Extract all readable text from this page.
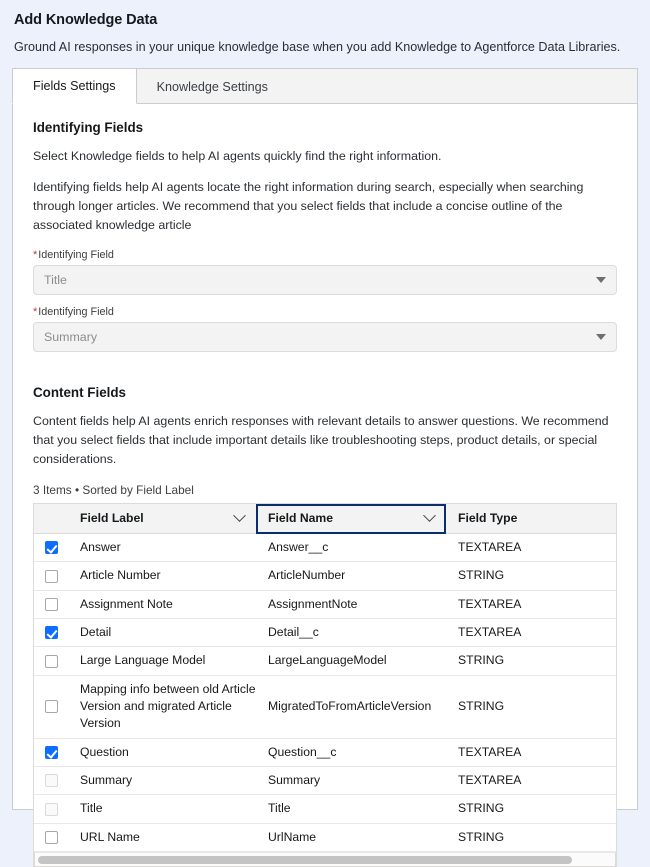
Add Knowledge Data
Ground AI responses in your unique knowledge base when you add Knowledge to Agentforce Data Libraries.
Fields Settings	Knowledge Settings
Identifying Fields

Select Knowledge fields to help AI agents quickly find the right information.

Identifying fields help AI agents locate the right information during search, especially when searching through longer articles. We recommend that you select fields that include a concise outline of the associated knowledge article

*Identifying Field
Title
*Identifying Field
Summary
Content Fields

Content fields help AI agents enrich responses with relevant details to answer questions. We recommend that you select fields that include important details like troubleshooting steps, product details, or special considerations.

3 Items • Sorted by Field Label
	Field Label	Field Name	Field Type
	Answer	Answer__c	TEXTAREA
	Article Number	ArticleNumber	STRING
	Assignment Note	AssignmentNote	TEXTAREA
	Detail	Detail__c	TEXTAREA
	Large Language Model	LargeLanguageModel	STRING
	Mapping info between old Article Version and migrated Article Version	MigratedToFromArticleVersion	STRING
	Question	Question__c	TEXTAREA
	Summary	Summary	TEXTAREA
	Title	Title	STRING
	URL Name	UrlName	STRING
